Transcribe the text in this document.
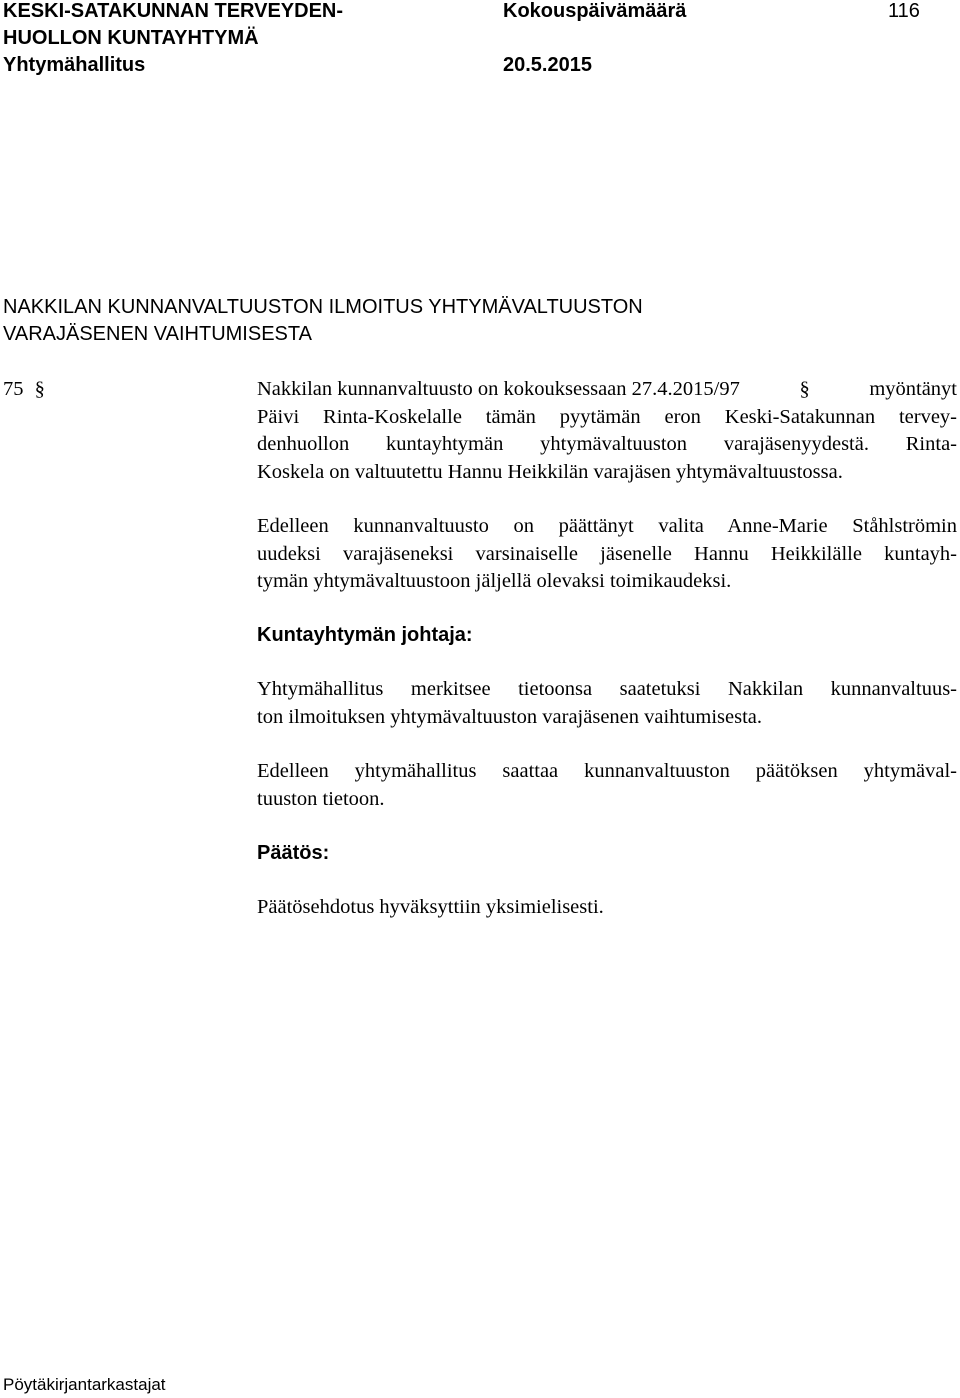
KESKI-SATAKUNNAN TERVEYDEN-
HUOLLON KUNTAYHTYMÄ
Yhtymähallitus
Kokouspäivämäärä
20.5.2015
116
NAKKILAN KUNNANVALTUUSTON ILMOITUS YHTYMÄVALTUUSTON
VARAJÄSENEN VAIHTUMISESTA
75 §	Nakkilan kunnanvaltuusto on kokouksessaan 27.4.2015/97	§	myöntänyt
Päivi Rinta-Koskelalle tämän pyytämän eron Keski-Satakunnan tervey-
denhuollon kuntayhtymän yhtymävaltuuston varajäsenyydestä. Rinta-
Koskela on valtuutettu Hannu Heikkilän varajäsen yhtymävaltuustossa.
Edelleen kunnanvaltuusto on päättänyt valita Anne-Marie Ståhlströmin
uudeksi varajäseneksi varsinaiselle jäsenelle Hannu Heikkilälle kuntayh-
tymän yhtymävaltuustoon jäljellä olevaksi toimikaudeksi.
Kuntayhtymän johtaja:
Yhtymähallitus merkitsee tietoonsa saatetuksi Nakkilan kunnanvaltuus-
ton ilmoituksen yhtymävaltuuston varajäsenen vaihtumisesta.
Edelleen yhtymähallitus saattaa kunnanvaltuuston päätöksen yhtymäval-
tuuston tietoon.
Päätös:
Päätösehdotus hyväksyttiin yksimielisesti.
Pöytäkirjantarkastajat
